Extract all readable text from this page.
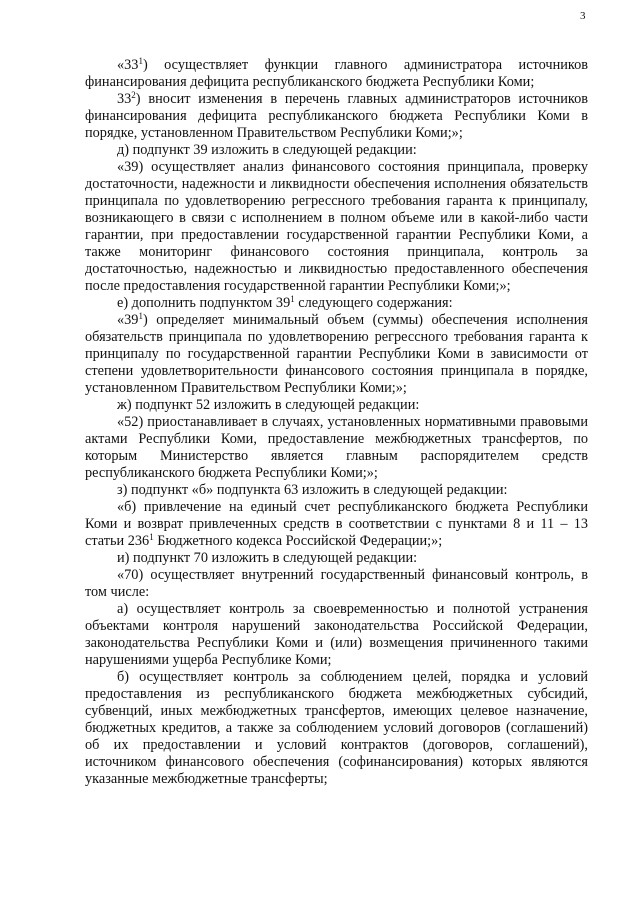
3

«$33^1$) осуществляет функции главного администратора источников финансирования дефицита республиканского бюджета Республики Коми;

$33^2$) вносит изменения в перечень главных администраторов источников финансирования дефицита республиканского бюджета Республики Коми в порядке, установленном Правительством Республики Коми;»;

д) подпункт 39 изложить в следующей редакции:

«39) осуществляет анализ финансового состояния принципала, проверку достаточности, надежности и ликвидности обеспечения исполнения обязательств принципала по удовлетворению регрессного требования гаранта к принципалу, возникающего в связи с исполнением в полном объеме или в какой-либо части гарантии, при предоставлении государственной гарантии Республики Коми, а также мониторинг финансового состояния принципала, контроль за достаточностью, надежностью и ликвидностью предоставленного обеспечения после предоставления государственной гарантии Республики Коми;»;

е) дополнить подпунктом $39^1$ следующего содержания:

«$39^1$) определяет минимальный объем (суммы) обеспечения исполнения обязательств принципала по удовлетворению регрессного требования гаранта к принципалу по государственной гарантии Республики Коми в зависимости от степени удовлетворительности финансового состояния принципала в порядке, установленном Правительством Республики Коми;»;

ж) подпункт 52 изложить в следующей редакции:

«52) приостанавливает в случаях, установленных нормативными правовыми актами Республики Коми, предоставление межбюджетных трансфертов, по которым Министерство является главным распорядителем средств республиканского бюджета Республики Коми;»;

з) подпункт «б» подпункта 63 изложить в следующей редакции:

«б) привлечение на единый счет республиканского бюджета Республики Коми и возврат привлеченных средств в соответствии с пунктами 8 и 11 – 13 статьи $236^1$ Бюджетного кодекса Российской Федерации;»;

и) подпункт 70 изложить в следующей редакции:

«70) осуществляет внутренний государственный финансовый контроль, в том числе:

а) осуществляет контроль за своевременностью и полнотой устранения объектами контроля нарушений законодательства Российской Федерации, законодательства Республики Коми и (или) возмещения причиненного такими нарушениями ущерба Республике Коми;

б) осуществляет контроль за соблюдением целей, порядка и условий предоставления из республиканского бюджета межбюджетных субсидий, субвенций, иных межбюджетных трансфертов, имеющих целевое назначение, бюджетных кредитов, а также за соблюдением условий договоров (соглашений) об их предоставлении и условий контрактов (договоров, соглашений), источником финансового обеспечения (софинансирования) которых являются указанные межбюджетные трансферты;
